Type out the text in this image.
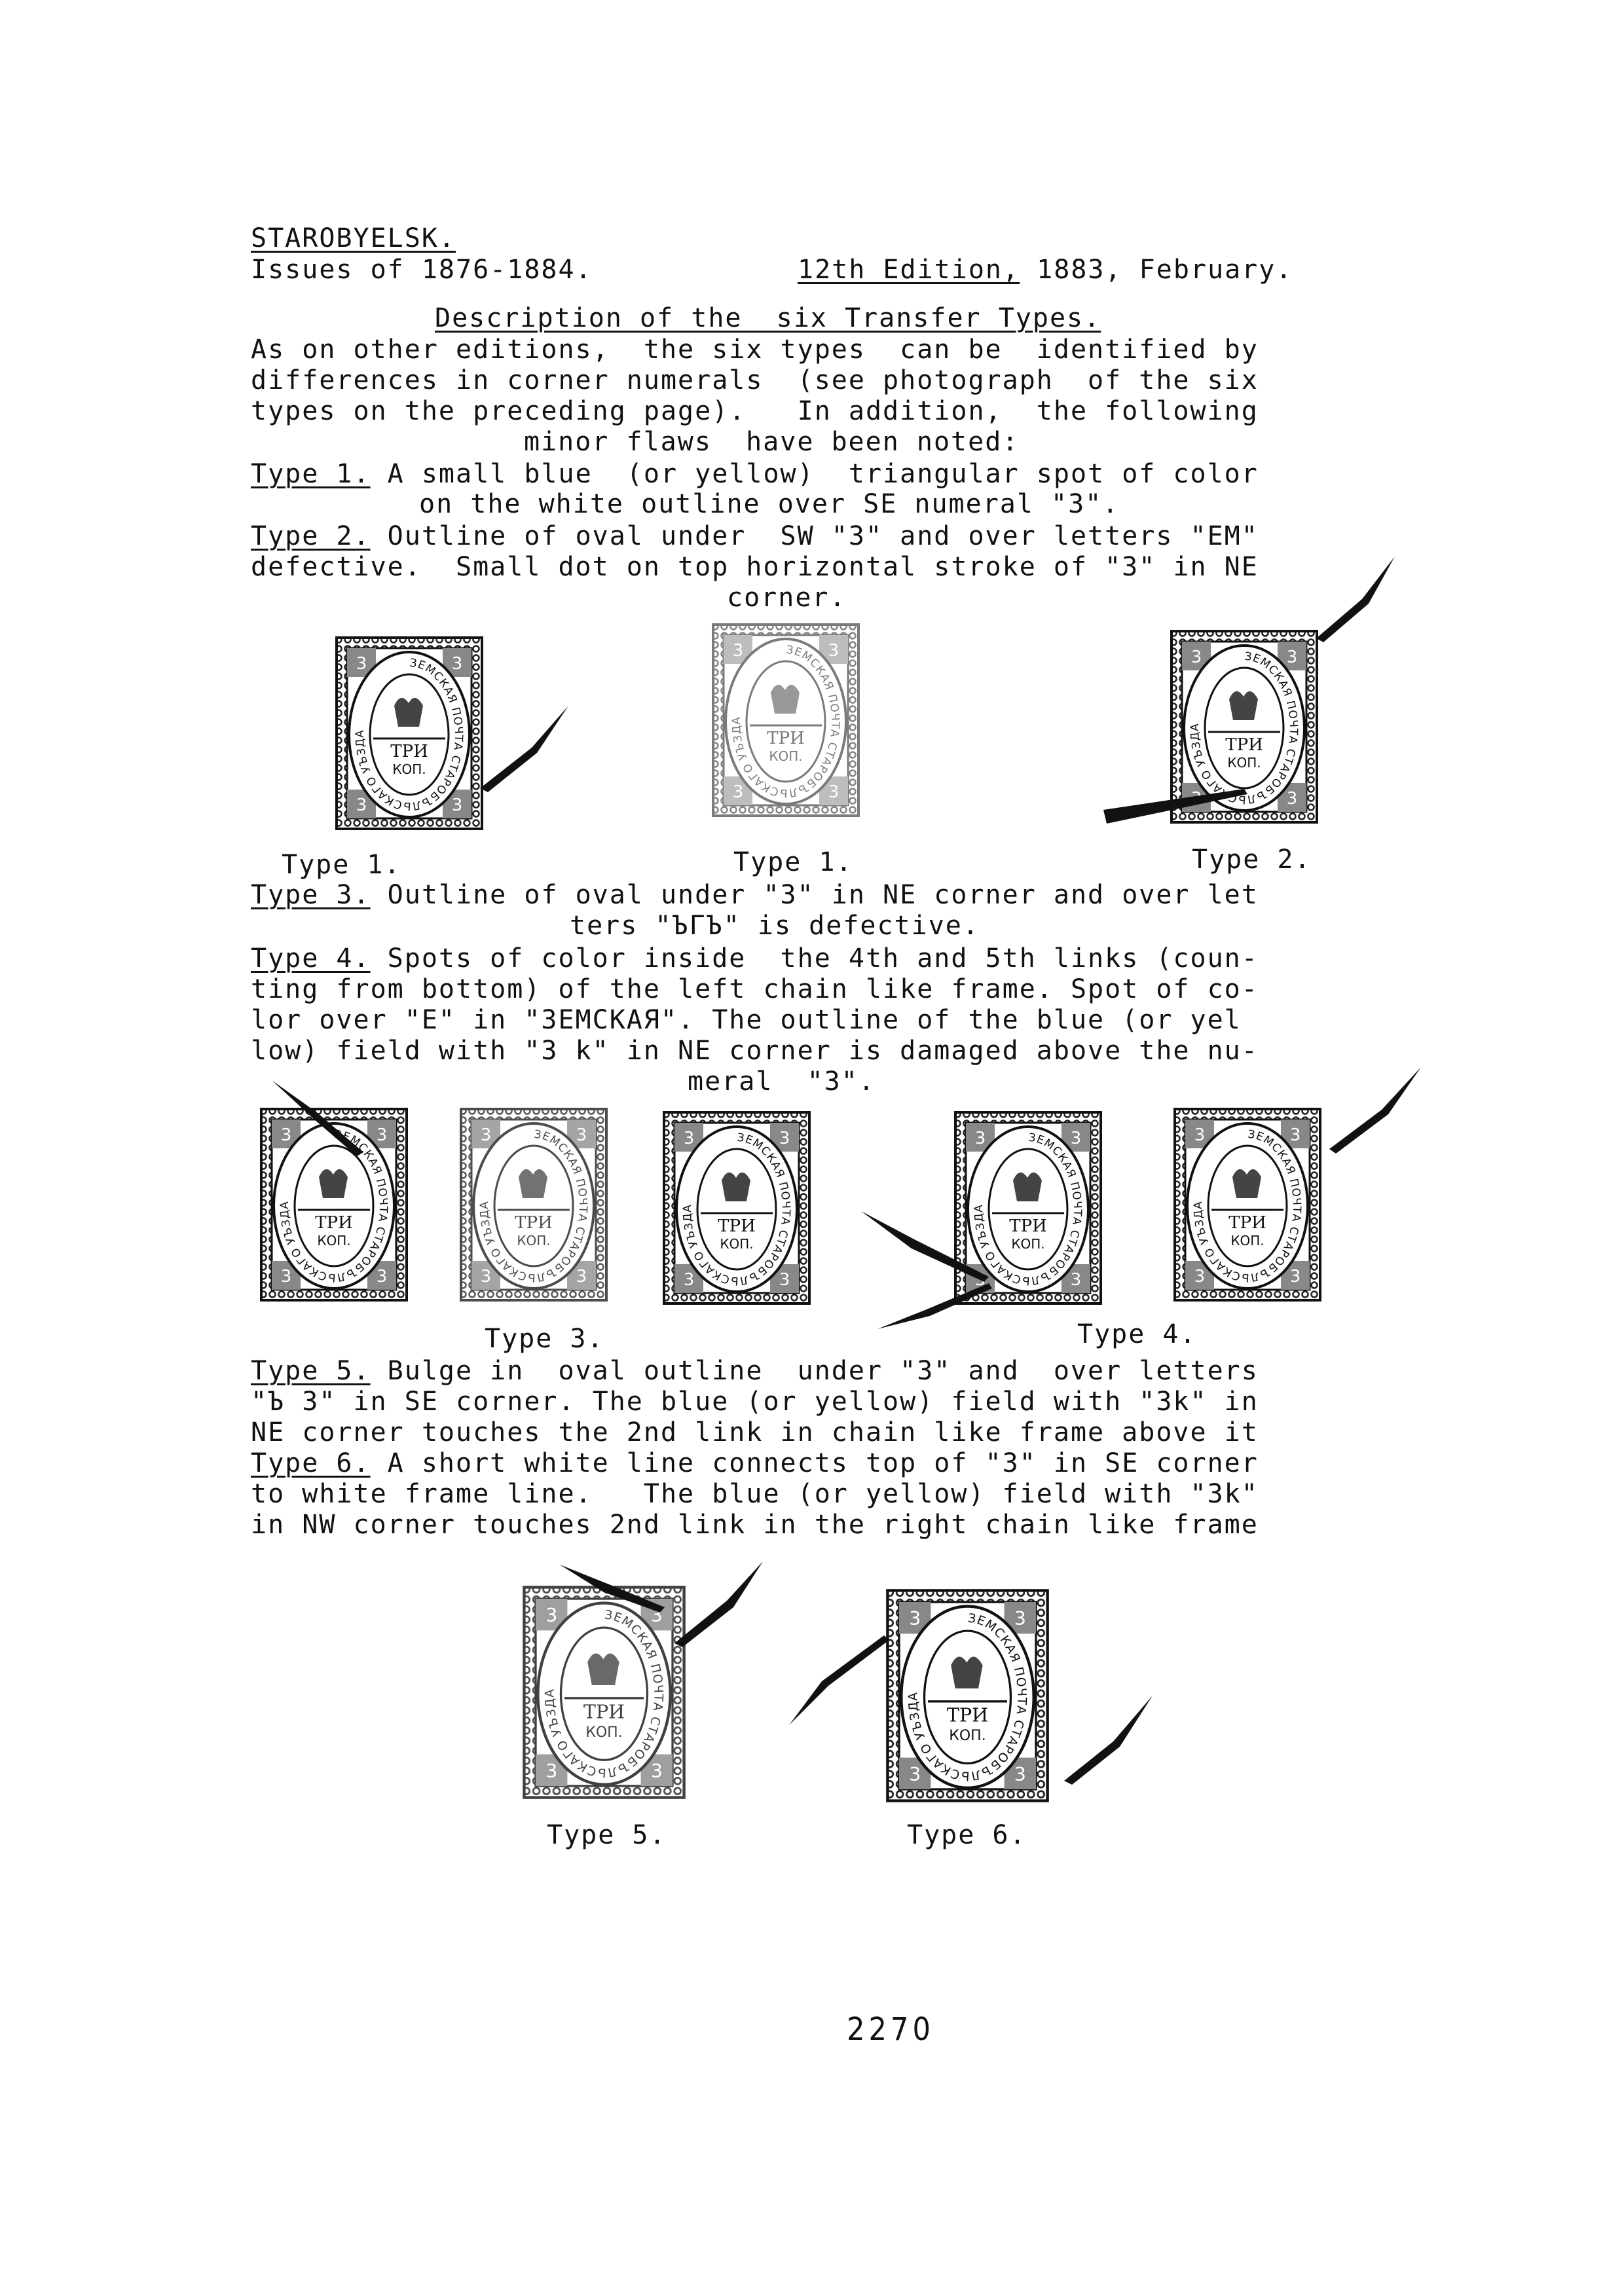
STAROBYELSK.
Issues of 1876-1884.	12th Edition, 1883, February.
Description of the  six Transfer Types.
As on other editions,  the six types  can be  identified by
differences in corner numerals  (see photograph  of the six
types on the preceding page).   In addition,  the following
minor flaws  have been noted:
Type 1. A small blue  (or yellow)  triangular spot of color
on the white outline over SE numeral "3".
Type 2. Outline of oval under  SW "3" and over letters "EM"
defective.  Small dot on top horizontal stroke of "3" in NE
corner.
Type 1.	Type 1.	Type 2.
Type 3. Outline of oval under "3" in NE corner and over let
ters "ЪГЪ" is defective.
Type 4. Spots of color inside  the 4th and 5th links (coun-
ting from bottom) of the left chain like frame. Spot of co-
lor over "E" in "ЗЕМСКАЯ". The outline of the blue (or yel
low) field with "3 k" in NE corner is damaged above the nu-
meral  "3".
Type 3.	Type 4.
Type 5. Bulge in  oval outline  under "3" and  over letters
"Ъ 3" in SE corner. The blue (or yellow) field with "3k" in
NE corner touches the 2nd link in chain like frame above it
Type 6. A short white line connects top of "3" in SE corner
to white frame line.   The blue (or yellow) field with "3k"
in NW corner touches 2nd link in the right chain like frame
Type 5.	Type 6.
2270
